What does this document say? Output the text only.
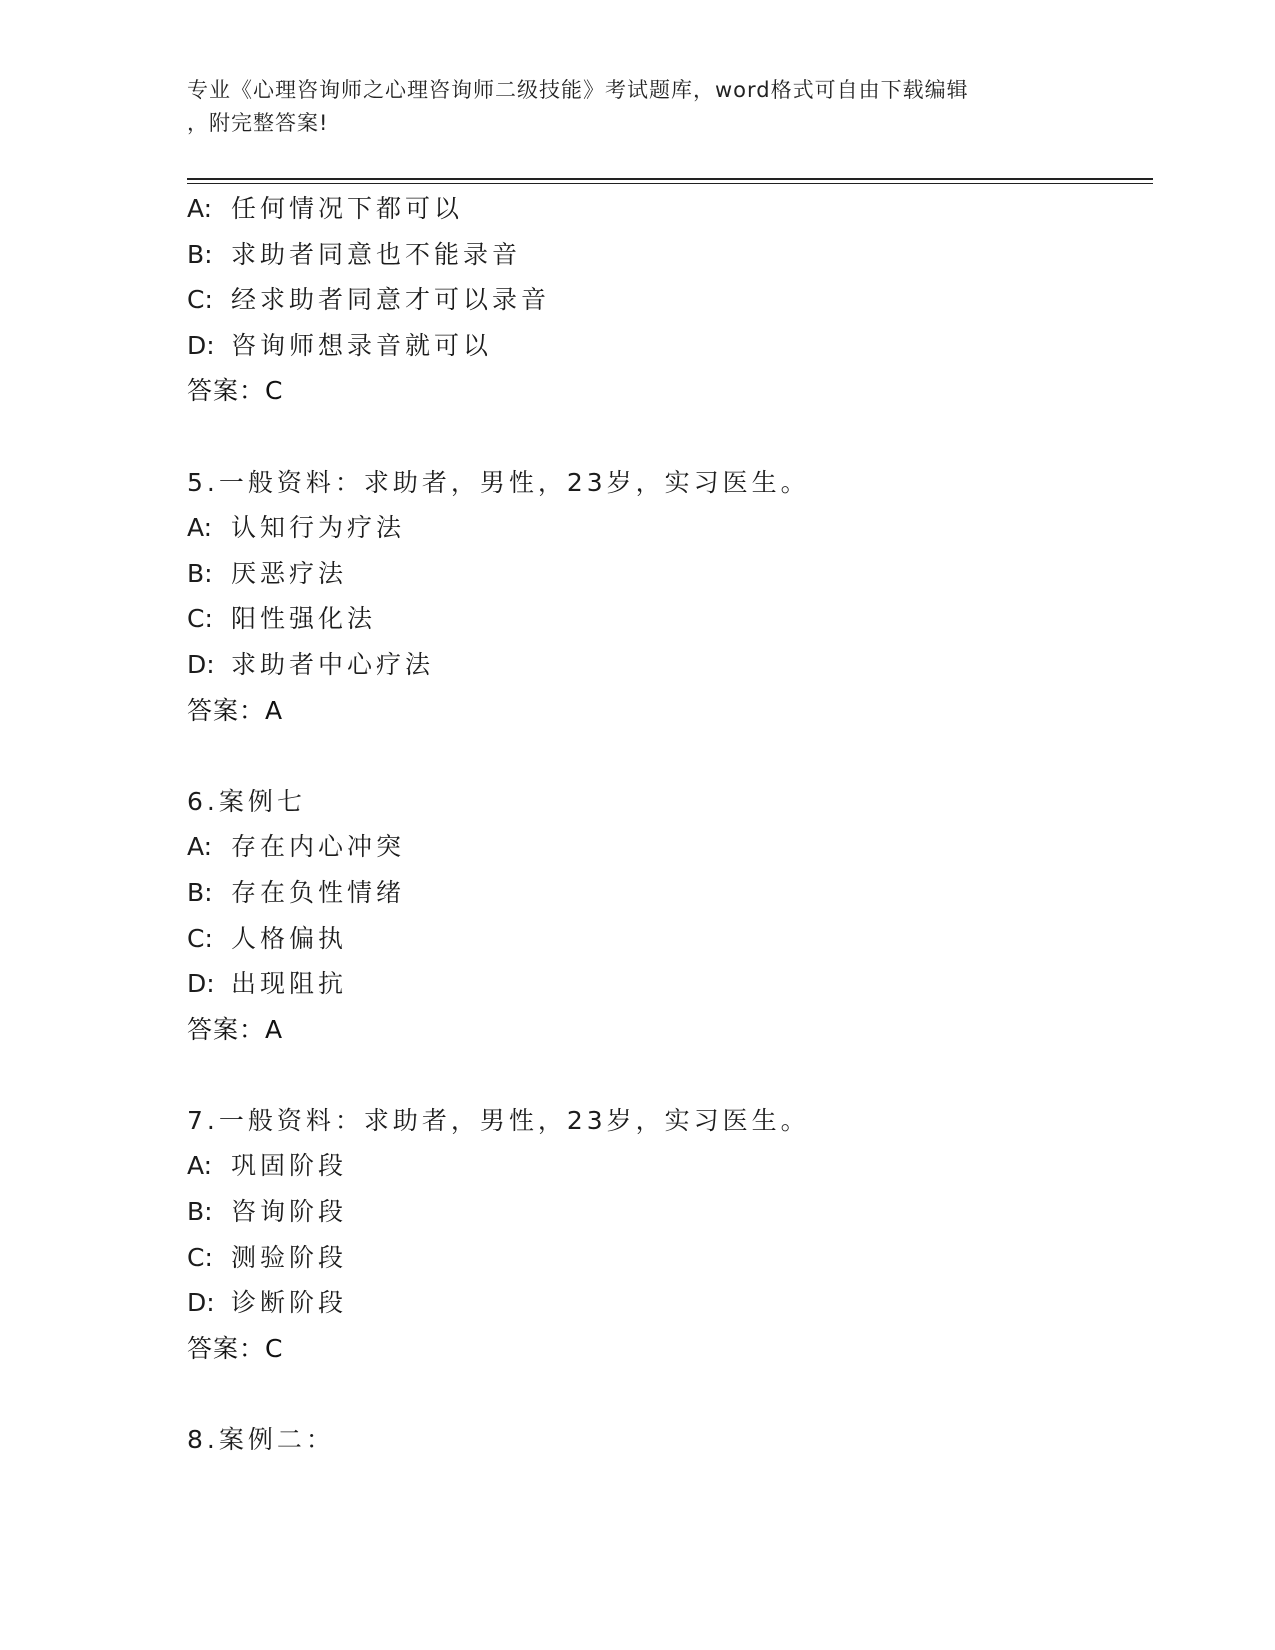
专业《心理咨询师之心理咨询师二级技能》考试题库，word格式可自由下载编辑
，附完整答案!
A: 任何情况下都可以
B: 求助者同意也不能录音
C: 经求助者同意才可以录音
D: 咨询师想录音就可以
答案：C
5.一般资料：求助者，男性，23岁，实习医生。
A: 认知行为疗法
B: 厌恶疗法
C: 阳性强化法
D: 求助者中心疗法
答案：A
6.案例七
A: 存在内心冲突
B: 存在负性情绪
C: 人格偏执
D: 出现阻抗
答案：A
7.一般资料：求助者，男性，23岁，实习医生。
A: 巩固阶段
B: 咨询阶段
C: 测验阶段
D: 诊断阶段
答案：C
8.案例二：
